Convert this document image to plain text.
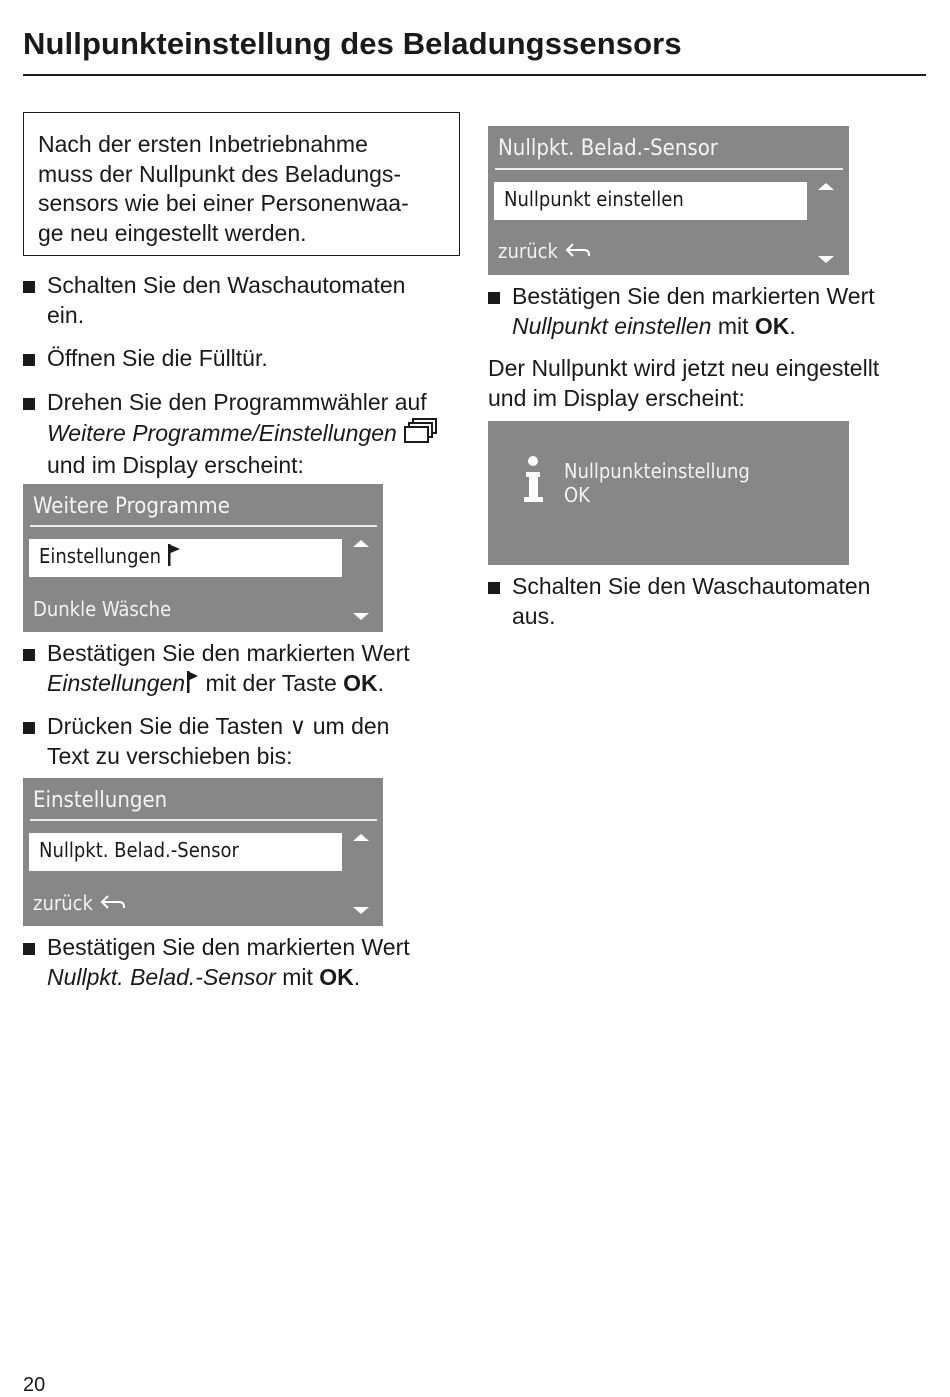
Nullpunkteinstellung des Beladungssensors
Nach der ersten Inbetriebnahme
muss der Nullpunkt des Beladungs-
sensors wie bei einer Personenwaa-
ge neu eingestellt werden.
Schalten Sie den Waschautomaten
ein.
Öffnen Sie die Fülltür.
Drehen Sie den Programmwähler auf
Weitere Programme/Einstellungen
und im Display erscheint:
Weitere Programme
Einstellungen
Dunkle Wäsche
Bestätigen Sie den markierten Wert
Einstellungen mit der Taste OK.
Drücken Sie die Tasten ∨ um den
Text zu verschieben bis:
Einstellungen
Nullpkt. Belad.-Sensor
zurück
Bestätigen Sie den markierten Wert
Nullpkt. Belad.-Sensor mit OK.
Nullpkt. Belad.-Sensor
Nullpunkt einstellen
zurück
Bestätigen Sie den markierten Wert
Nullpunkt einstellen mit OK.
Der Nullpunkt wird jetzt neu eingestellt
und im Display erscheint:
Nullpunkteinstellung
OK
Schalten Sie den Waschautomaten
aus.
20
